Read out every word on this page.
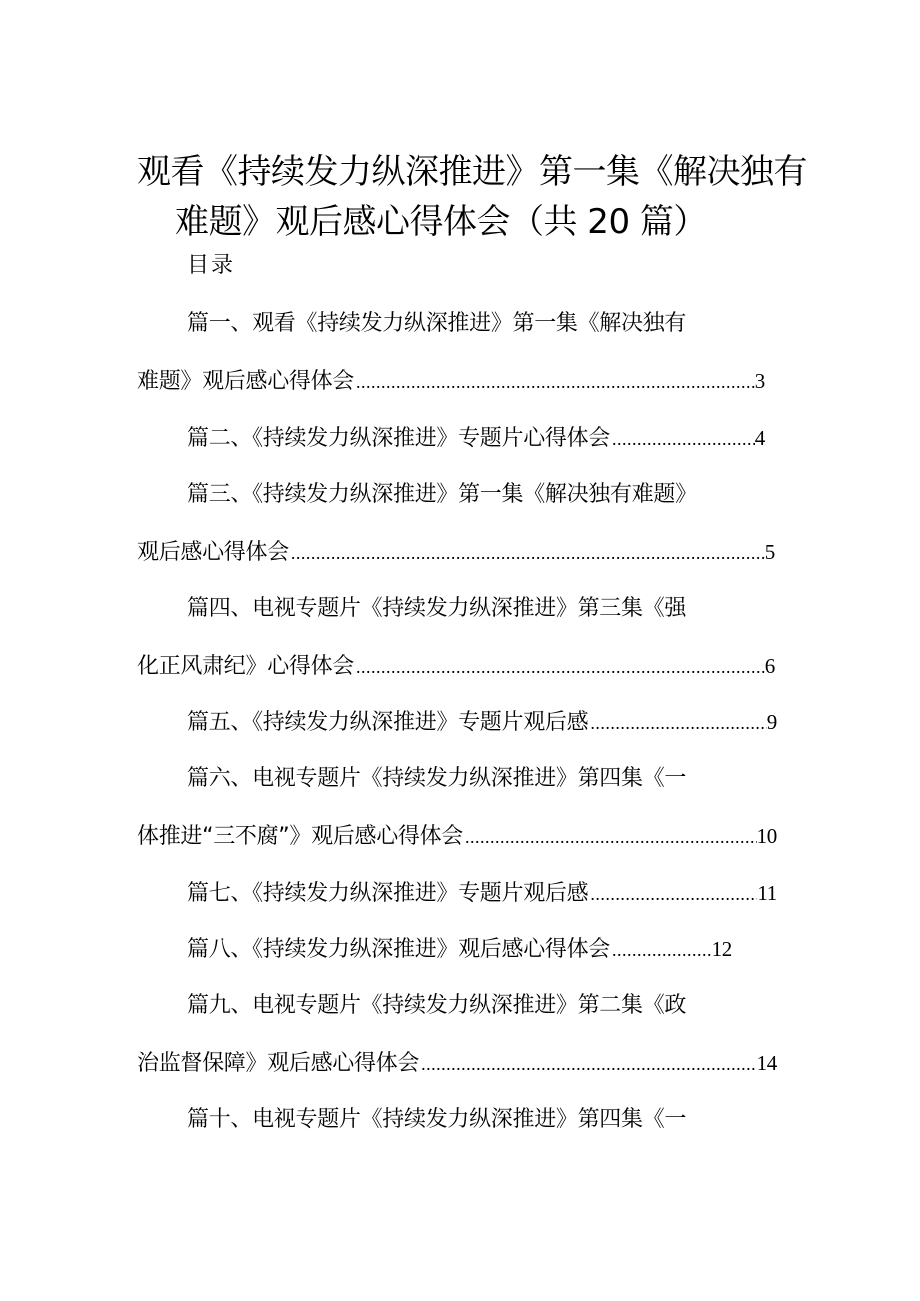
观看《持续发力纵深推进》第一集《解决独有
难题》观后感心得体会（共 20 篇）
目录
篇一、观看《持续发力纵深推进》第一集《解决独有
难题》观后感心得体会 .....	3
篇二、《持续发力纵深推进》专题片心得体会 .....	4
篇三、《持续发力纵深推进》第一集《解决独有难题》
观后感心得体会 .....	5
篇四、电视专题片《持续发力纵深推进》第三集《强
化正风肃纪》心得体会 .....	6
篇五、《持续发力纵深推进》专题片观后感 .....	9
篇六、电视专题片《持续发力纵深推进》第四集《一
体推进“三不腐”》观后感心得体会 .....	10
篇七、《持续发力纵深推进》专题片观后感 .....	11
篇八、《持续发力纵深推进》观后感心得体会 .....	12
篇九、电视专题片《持续发力纵深推进》第二集《政
治监督保障》观后感心得体会 .....	14
篇十、电视专题片《持续发力纵深推进》第四集《一
